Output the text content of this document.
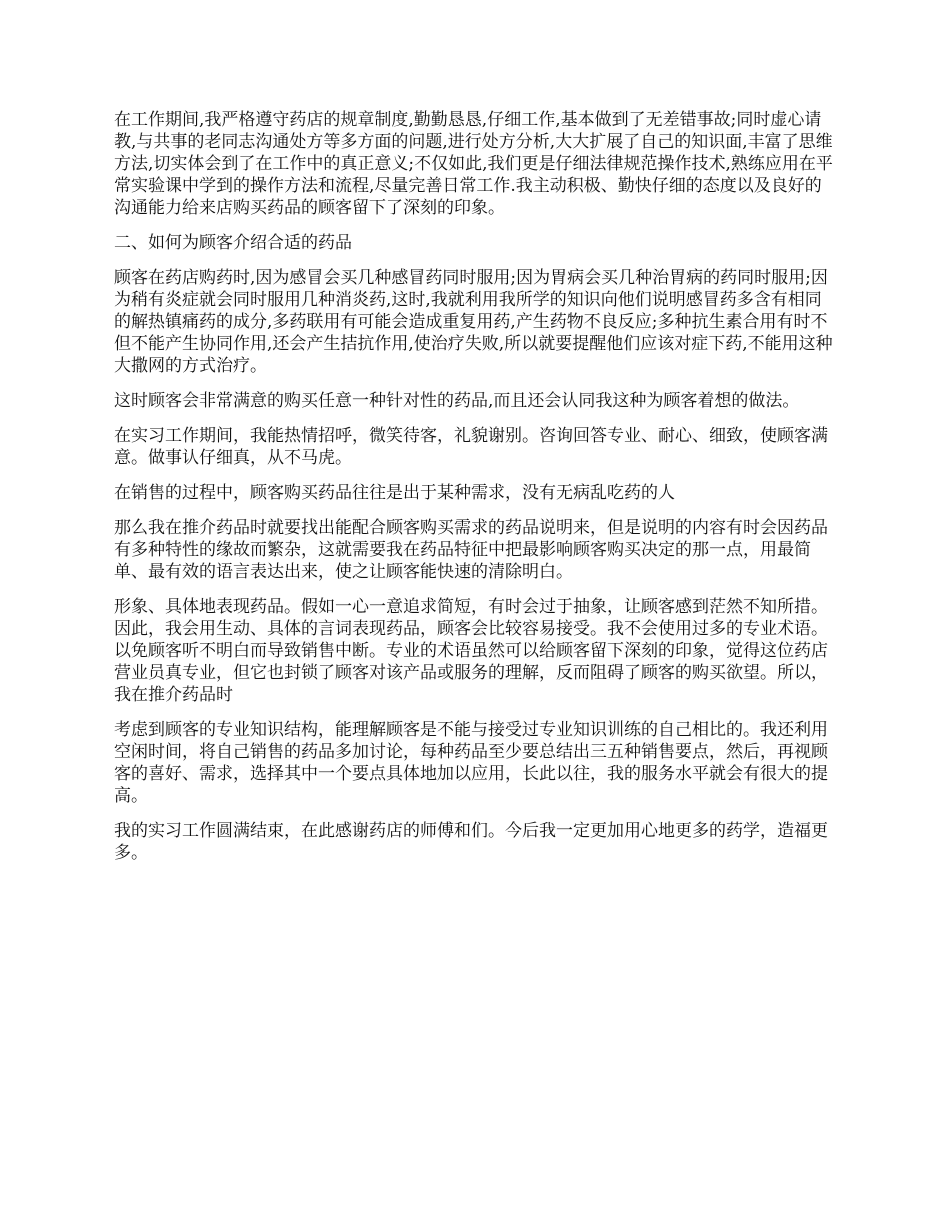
在工作期间,我严格遵守药店的规章制度,勤勤恳恳,仔细工作,基本做到了无差错事故;同时虚心请教,与共事的老同志沟通处方等多方面的问题,进行处方分析,大大扩展了自己的知识面,丰富了思维方法,切实体会到了在工作中的真正意义;不仅如此,我们更是仔细法律规范操作技术,熟练应用在平常实验课中学到的操作方法和流程,尽量完善日常工作.我主动积极、勤快仔细的态度以及良好的沟通能力给来店购买药品的顾客留下了深刻的印象。

二、如何为顾客介绍合适的药品

顾客在药店购药时,因为感冒会买几种感冒药同时服用;因为胃病会买几种治胃病的药同时服用;因为稍有炎症就会同时服用几种消炎药,这时,我就利用我所学的知识向他们说明感冒药多含有相同的解热镇痛药的成分,多药联用有可能会造成重复用药,产生药物不良反应;多种抗生素合用有时不但不能产生协同作用,还会产生拮抗作用,使治疗失败,所以就要提醒他们应该对症下药,不能用这种大撒网的方式治疗。

这时顾客会非常满意的购买任意一种针对性的药品,而且还会认同我这种为顾客着想的做法。

在实习工作期间，我能热情招呼，微笑待客，礼貌谢别。咨询回答专业、耐心、细致，使顾客满意。做事认仔细真，从不马虎。

在销售的过程中，顾客购买药品往往是出于某种需求，没有无病乱吃药的人

那么我在推介药品时就要找出能配合顾客购买需求的药品说明来，但是说明的内容有时会因药品有多种特性的缘故而繁杂，这就需要我在药品特征中把最影响顾客购买决定的那一点，用最简单、最有效的语言表达出来，使之让顾客能快速的清除明白。

形象、具体地表现药品。假如一心一意追求简短，有时会过于抽象，让顾客感到茫然不知所措。因此，我会用生动、具体的言词表现药品，顾客会比较容易接受。我不会使用过多的专业术语。以免顾客听不明白而导致销售中断。专业的术语虽然可以给顾客留下深刻的印象，觉得这位药店营业员真专业，但它也封锁了顾客对该产品或服务的理解，反而阻碍了顾客的购买欲望。所以，我在推介药品时

考虑到顾客的专业知识结构，能理解顾客是不能与接受过专业知识训练的自己相比的。我还利用空闲时间，将自己销售的药品多加讨论，每种药品至少要总结出三五种销售要点，然后，再视顾客的喜好、需求，选择其中一个要点具体地加以应用，长此以往，我的服务水平就会有很大的提高。

我的实习工作圆满结束，在此感谢药店的师傅和们。今后我一定更加用心地更多的药学，造福更多。
